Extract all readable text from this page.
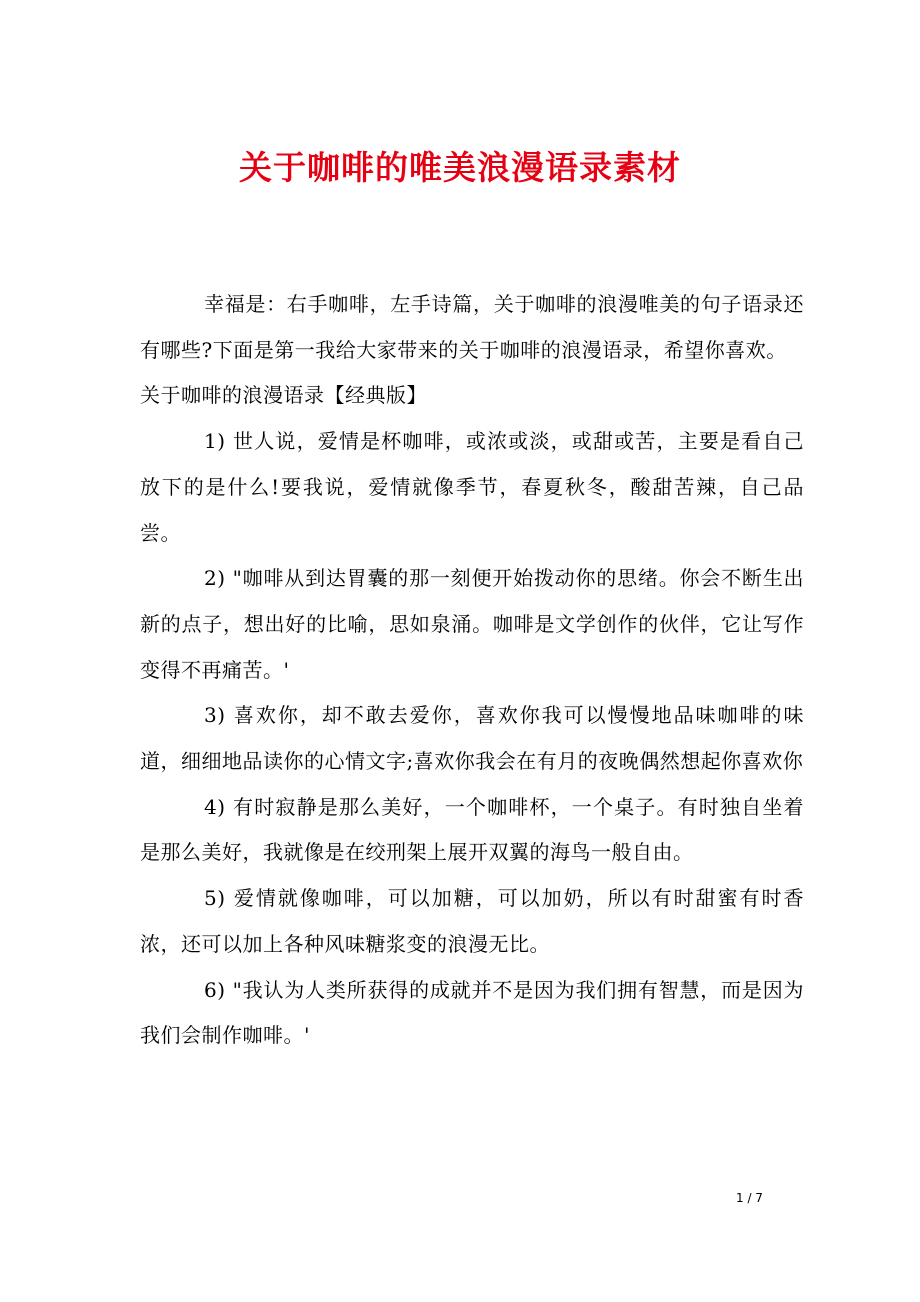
关于咖啡的唯美浪漫语录素材

幸福是：右手咖啡，左手诗篇，关于咖啡的浪漫唯美的句子语录还有哪些?下面是第一我给大家带来的关于咖啡的浪漫语录，希望你喜欢。

关于咖啡的浪漫语录【经典版】

1) 世人说，爱情是杯咖啡，或浓或淡，或甜或苦，主要是看自己放下的是什么!要我说，爱情就像季节，春夏秋冬，酸甜苦辣，自己品尝。

2) "咖啡从到达胃囊的那一刻便开始拨动你的思绪。你会不断生出新的点子，想出好的比喻，思如泉涌。咖啡是文学创作的伙伴，它让写作变得不再痛苦。'

3) 喜欢你，却不敢去爱你，喜欢你我可以慢慢地品味咖啡的味道，细细地品读你的心情文字;喜欢你我会在有月的夜晚偶然想起你喜欢你

4) 有时寂静是那么美好，一个咖啡杯，一个桌子。有时独自坐着是那么美好，我就像是在绞刑架上展开双翼的海鸟一般自由。

5) 爱情就像咖啡，可以加糖，可以加奶，所以有时甜蜜有时香浓，还可以加上各种风味糖浆变的浪漫无比。

6) "我认为人类所获得的成就并不是因为我们拥有智慧，而是因为我们会制作咖啡。'

1 / 7
